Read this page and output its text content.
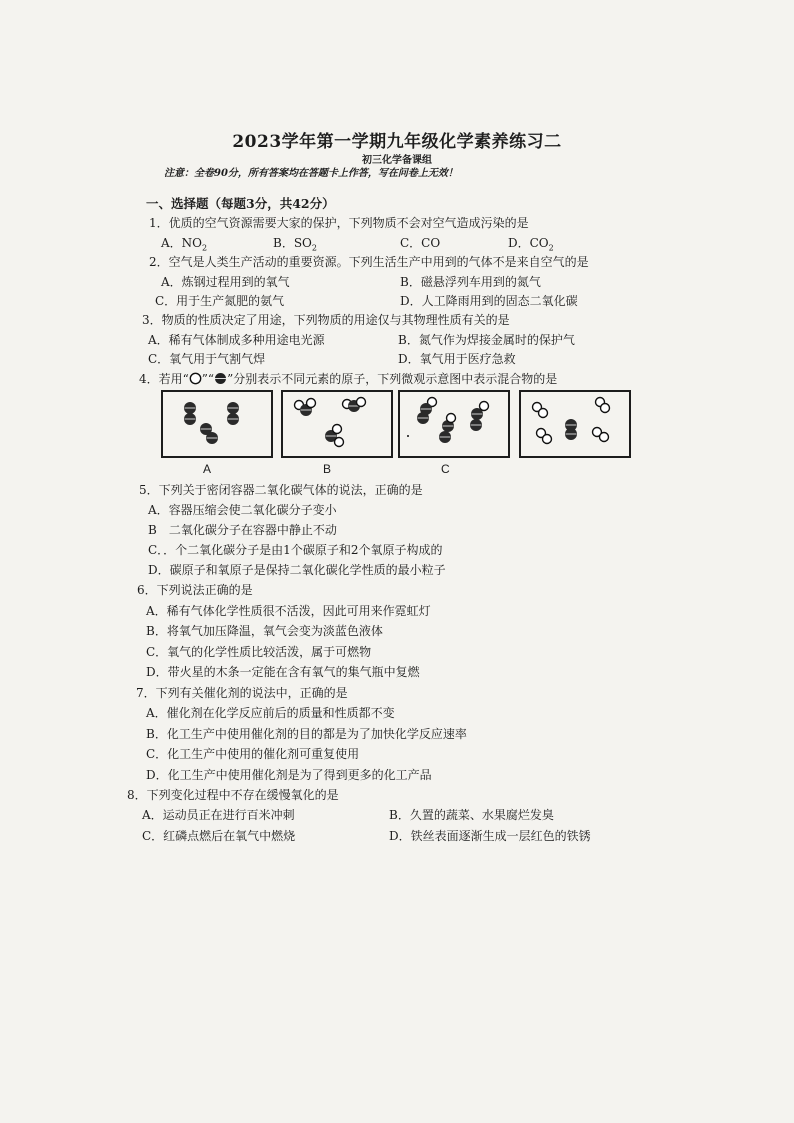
2023学年第一学期九年级化学素养练习二
初三化学备课组
注意：全卷90分，所有答案均在答题卡上作答，写在问卷上无效！
一、选择题（每题3分，共42分）
1．优质的空气资源需要大家的保护，下列物质不会对空气造成污染的是
A．$NO_2$	B．$SO_2$	C．CO	D．$CO_2$
2．空气是人类生产活动的重要资源。下列生活生产中用到的气体不是来自空气的是
A．炼钢过程用到的氧气	B．磁悬浮列车用到的氮气
C．用于生产氮肥的氨气	D．人工降雨用到的固态二氧化碳
3．物质的性质决定了用途，下列物质的用途仅与其物理性质有关的是
A．稀有气体制成多种用途电光源	B．氮气作为焊接金属时的保护气
C．氧气用于气割气焊	D．氧气用于医疗急救
4．若用“ ”“ ”分别表示不同元素的原子，下列微观示意图中表示混合物的是
A	B	C
5．下列关于密闭容器二氧化碳气体的说法，正确的是
A．容器压缩会使二氧化碳分子变小
B　二氧化碳分子在容器中静止不动
C．．个二氧化碳分子是由1个碳原子和2个氧原子构成的
D．碳原子和氧原子是保持二氧化碳化学性质的最小粒子
6．下列说法正确的是
A．稀有气体化学性质很不活泼，因此可用来作霓虹灯
B．将氧气加压降温，氧气会变为淡蓝色液体
C．氧气的化学性质比较活泼，属于可燃物
D．带火星的木条一定能在含有氧气的集气瓶中复燃
7．下列有关催化剂的说法中，正确的是
A．催化剂在化学反应前后的质量和性质都不变
B．化工生产中使用催化剂的目的都是为了加快化学反应速率
C．化工生产中使用的催化剂可重复使用
D．化工生产中使用催化剂是为了得到更多的化工产品
8．下列变化过程中不存在缓慢氧化的是
A．运动员正在进行百米冲刺	B．久置的蔬菜、水果腐烂发臭
C．红磷点燃后在氧气中燃烧	D．铁丝表面逐渐生成一层红色的铁锈
